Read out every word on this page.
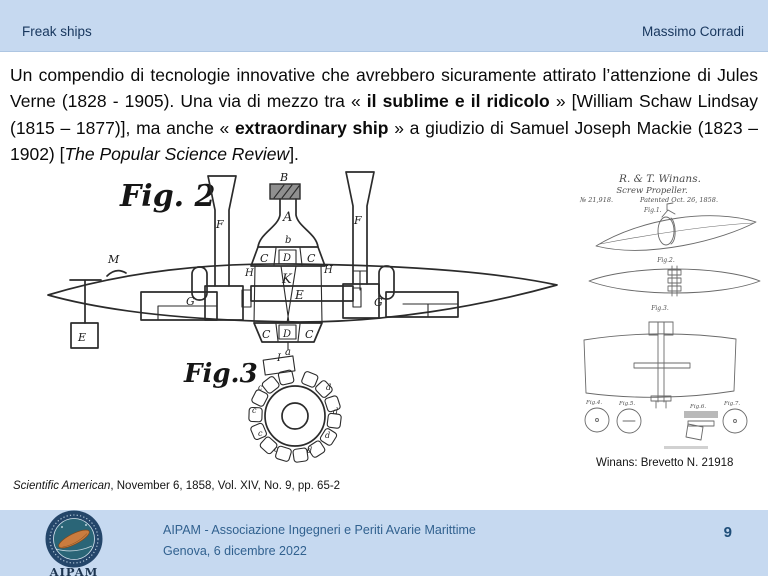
Freak ships	Massimo Corradi

Un compendio di tecnologie innovative che avrebbero sicuramente attirato l’attenzione di Jules Verne (1828 - 1905). Una via di mezzo tra « il sublime e il ridicolo » [William Schaw Lindsay (1815 – 1877)], ma anche « extraordinary ship » a giudizio di Samuel Joseph Mackie (1823 – 1902) [The Popular Science Review].

Fig. 2
B
A
b
C D C
H	H
K
E
C D C
a
F	F
G	G
M
E
Fig.3
I
c
c
c
c
d
d
d
d
Scientific American, November 6, 1858, Vol. XIV, No. 9, pp. 65-2
R. & T. Winans.
Screw Propeller.
№ 21,918.	Patented Oct. 26, 1858.
Fig.1.
Fig.2.
Fig.3.
Fig.4.	Fig.5.	Fig.6.	Fig.7.
Winans: Brevetto N. 21918
AIPAM
AIPAM - Associazione Ingegneri e Periti Avarie Marittime
Genova, 6 dicembre 2022
9
